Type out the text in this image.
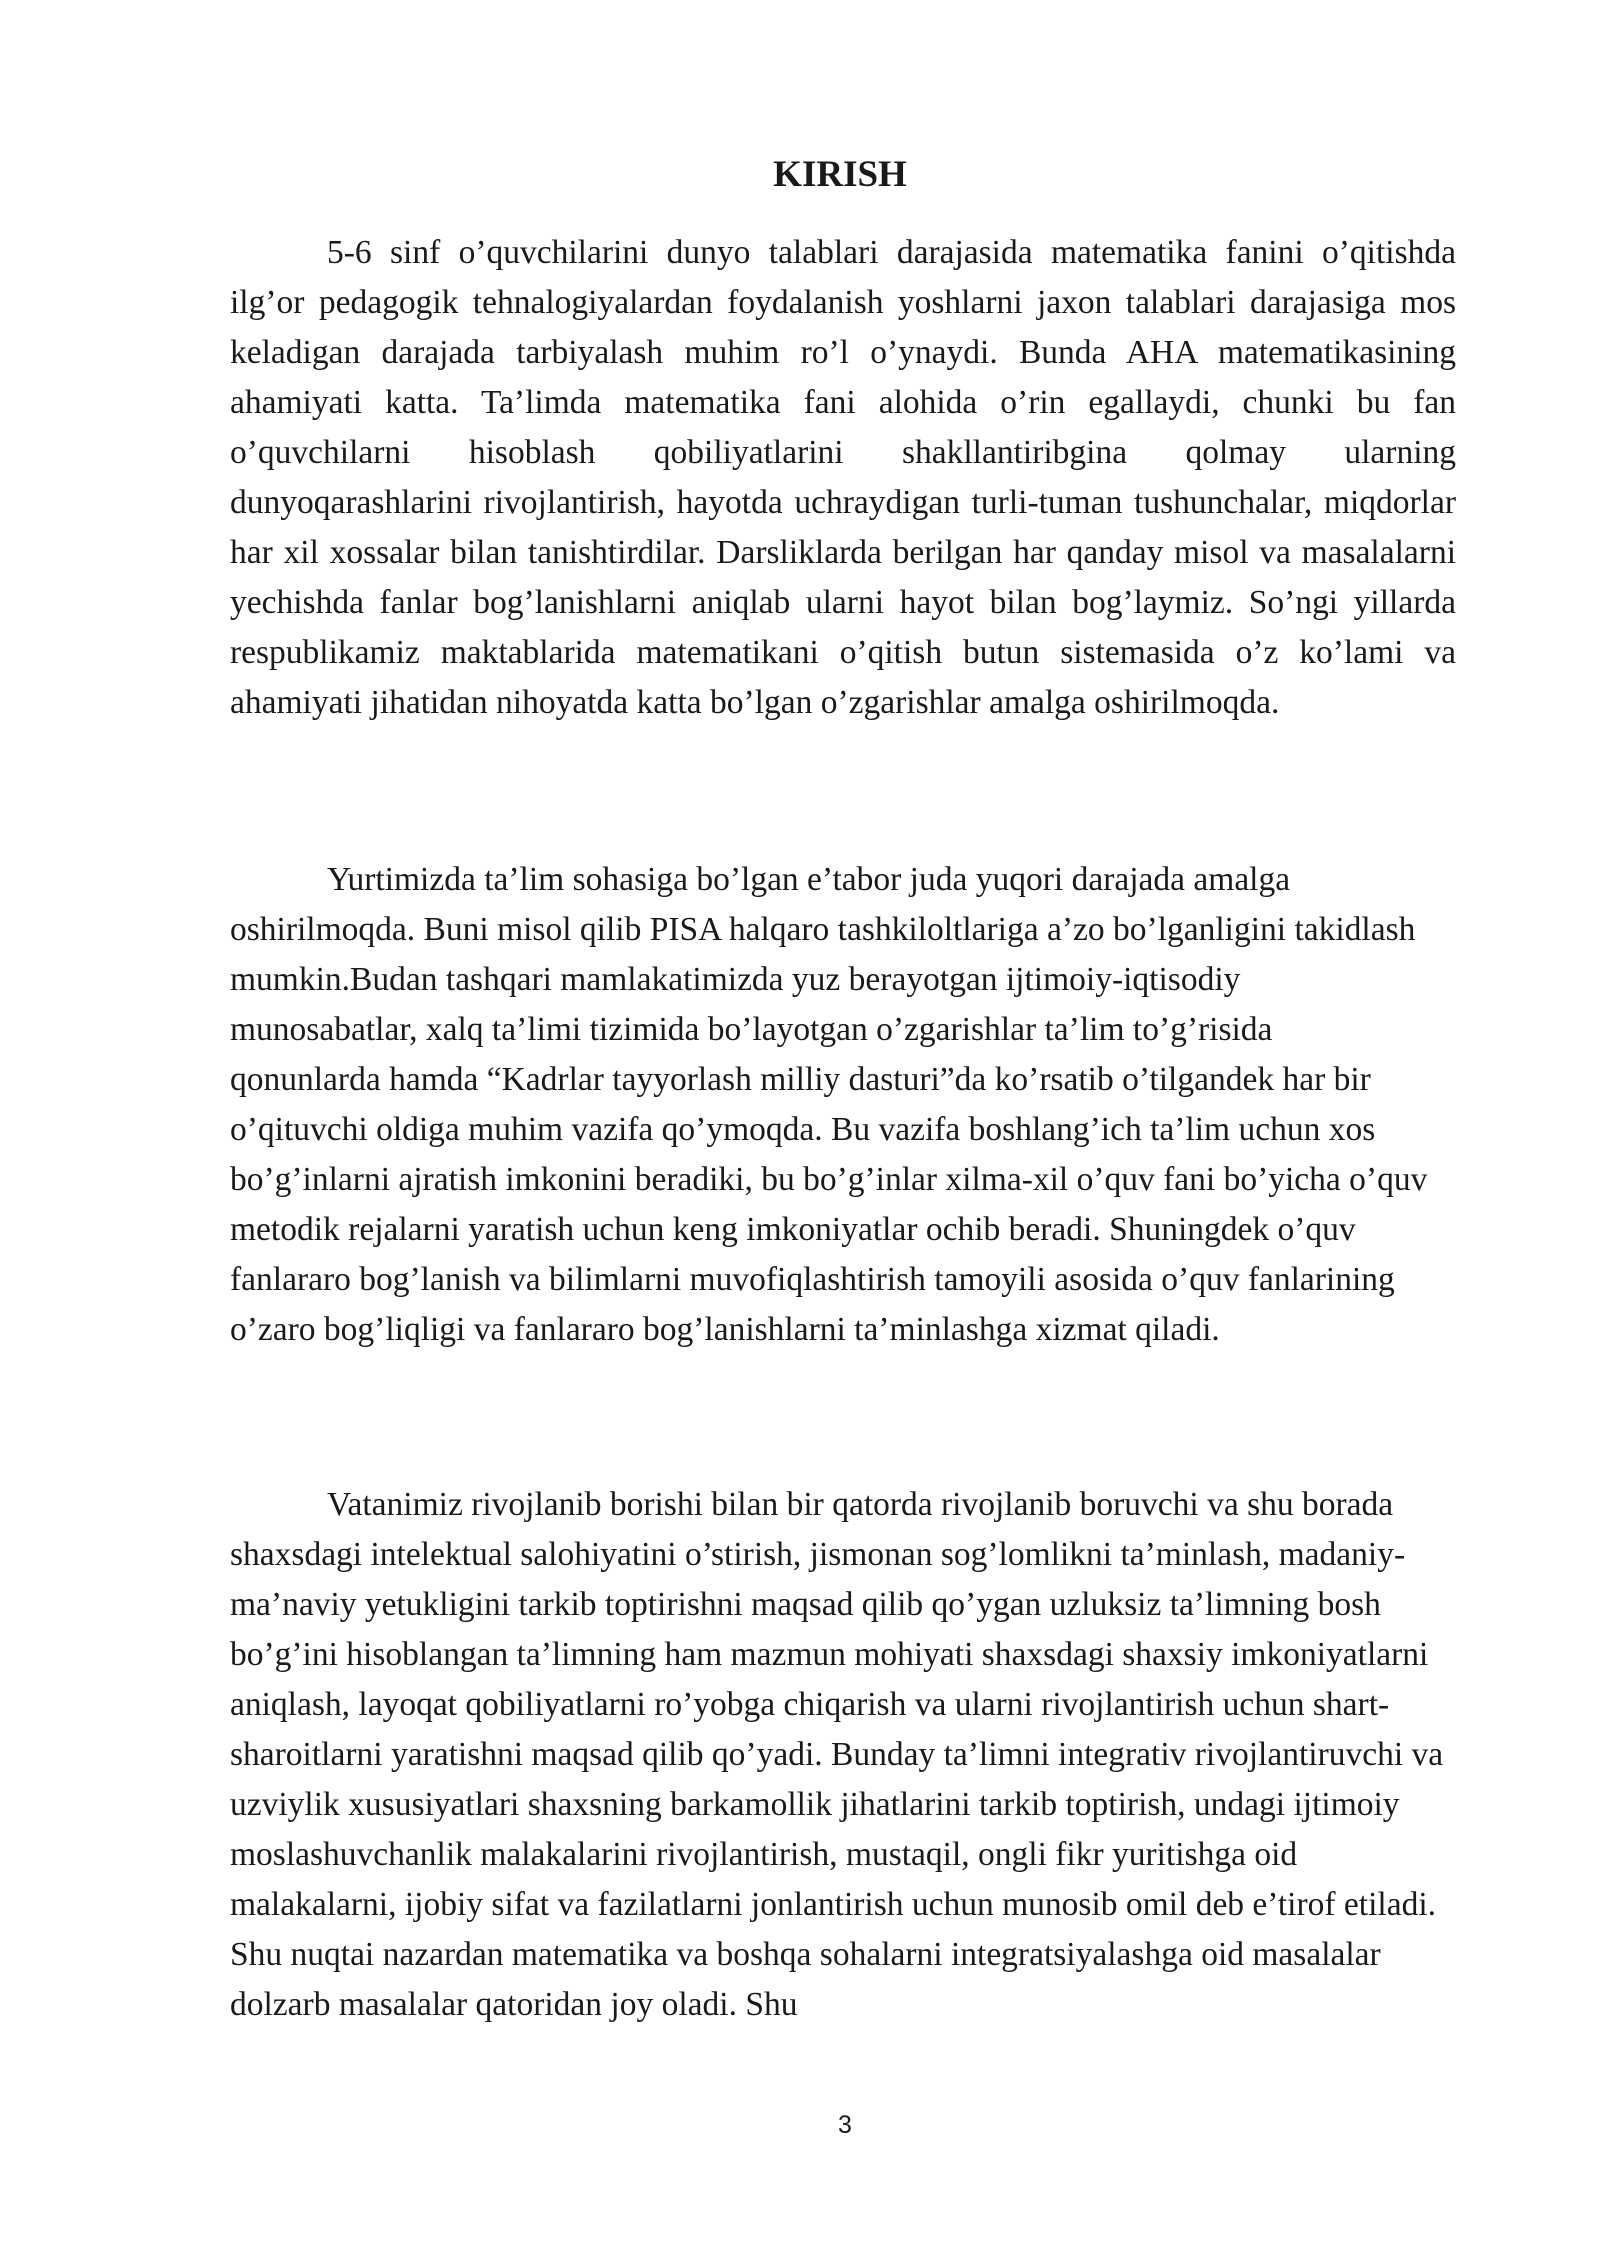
KIRISH

5-6 sinf o’quvchilarini dunyo talablari darajasida matematika fanini o’qitishda ilg’or pedagogik tehnalogiyalardan foydalanish yoshlarni jaxon talablari darajasiga mos keladigan darajada tarbiyalash muhim ro’l o’ynaydi. Bunda AHA matematikasining ahamiyati katta. Ta’limda matematika fani alohida o’rin egallaydi, chunki bu fan o’quvchilarni hisoblash qobiliyatlarini shakllantiribgina qolmay ularning dunyoqarashlarini rivojlantirish, hayotda uchraydigan turli-tuman tushunchalar, miqdorlar har xil xossalar bilan tanishtirdilar. Darsliklarda berilgan har qanday misol va masalalarni yechishda fanlar bog’lanishlarni aniqlab ularni hayot bilan bog’laymiz. So’ngi yillarda respublikamiz maktablarida matematikani o’qitish butun sistemasida o’z ko’lami va ahamiyati jihatidan nihoyatda katta bo’lgan o’zgarishlar amalga oshirilmoqda.

Yurtimizda ta’lim sohasiga bo’lgan e’tabor juda yuqori darajada amalga oshirilmoqda. Buni misol qilib PISA halqaro tashkiloltlariga a’zo bo’lganligini takidlash mumkin.Budan tashqari mamlakatimizda yuz berayotgan ijtimoiy-iqtisodiy munosabatlar, xalq ta’limi tizimida bo’layotgan o’zgarishlar ta’lim to’g’risida qonunlarda hamda “Kadrlar tayyorlash milliy dasturi”da ko’rsatib o’tilgandek har bir o’qituvchi oldiga muhim vazifa qo’ymoqda. Bu vazifa boshlang’ich ta’lim uchun xos bo’g’inlarni ajratish imkonini beradiki, bu bo’g’inlar xilma-xil o’quv fani bo’yicha o’quv metodik rejalarni yaratish uchun keng imkoniyatlar ochib beradi. Shuningdek o’quv fanlararo bog’lanish va bilimlarni muvofiqlashtirish tamoyili asosida o’quv fanlarining o’zaro bog’liqligi va fanlararo bog’lanishlarni ta’minlashga xizmat qiladi.

Vatanimiz rivojlanib borishi bilan bir qatorda rivojlanib boruvchi va shu borada shaxsdagi intelektual salohiyatini o’stirish, jismonan sog’lomlikni ta’minlash, madaniy-ma’naviy yetukligini tarkib toptirishni maqsad qilib qo’ygan uzluksiz ta’limning bosh bo’g’ini hisoblangan ta’limning ham mazmun mohiyati shaxsdagi shaxsiy imkoniyatlarni aniqlash, layoqat qobiliyatlarni ro’yobga chiqarish va ularni rivojlantirish uchun shart-sharoitlarni yaratishni maqsad qilib qo’yadi. Bunday ta’limni integrativ rivojlantiruvchi va uzviylik xususiyatlari shaxsning barkamollik jihatlarini tarkib toptirish, undagi ijtimoiy moslashuvchanlik malakalarini rivojlantirish, mustaqil, ongli fikr yuritishga oid malakalarni, ijobiy sifat va fazilatlarni jonlantirish uchun munosib omil deb e’tirof etiladi. Shu nuqtai nazardan matematika va boshqa sohalarni integratsiyalashga oid masalalar dolzarb masalalar qatoridan joy oladi. Shu

3
